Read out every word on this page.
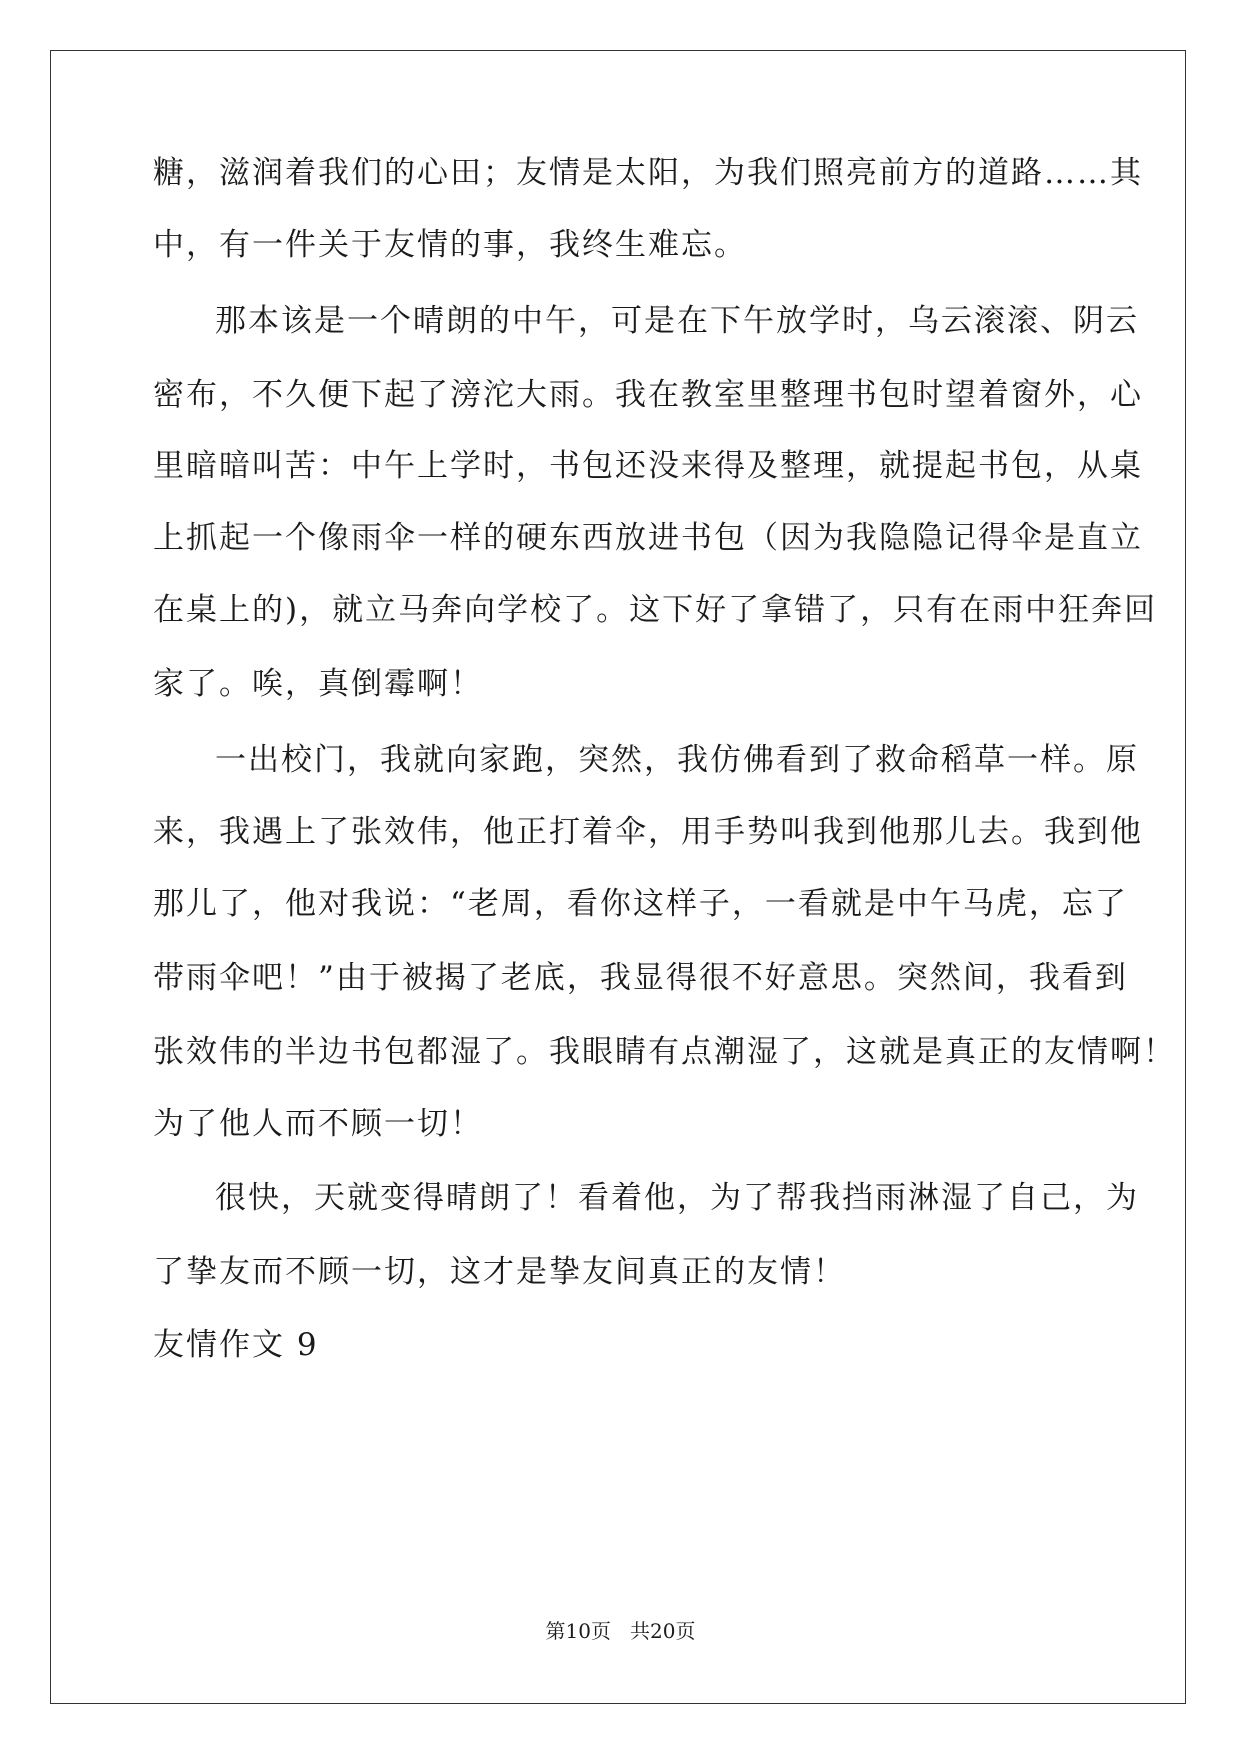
糖，滋润着我们的心田；友情是太阳，为我们照亮前方的道路……其
中，有一件关于友情的事，我终生难忘。
那本该是一个晴朗的中午，可是在下午放学时，乌云滚滚、阴云
密布，不久便下起了滂沱大雨。我在教室里整理书包时望着窗外，心
里暗暗叫苦：中午上学时，书包还没来得及整理，就提起书包，从桌
上抓起一个像雨伞一样的硬东西放进书包（因为我隐隐记得伞是直立
在桌上的)，就立马奔向学校了。这下好了拿错了，只有在雨中狂奔回
家了。唉，真倒霉啊！
一出校门，我就向家跑，突然，我仿佛看到了救命稻草一样。原
来，我遇上了张效伟，他正打着伞，用手势叫我到他那儿去。我到他
那儿了，他对我说：“老周，看你这样子，一看就是中午马虎，忘了
带雨伞吧！”由于被揭了老底，我显得很不好意思。突然间，我看到
张效伟的半边书包都湿了。我眼睛有点潮湿了，这就是真正的友情啊！
为了他人而不顾一切！
很快，天就变得晴朗了！看着他，为了帮我挡雨淋湿了自己，为
了挚友而不顾一切，这才是挚友间真正的友情！
友情作文 9
第10页   共20页
